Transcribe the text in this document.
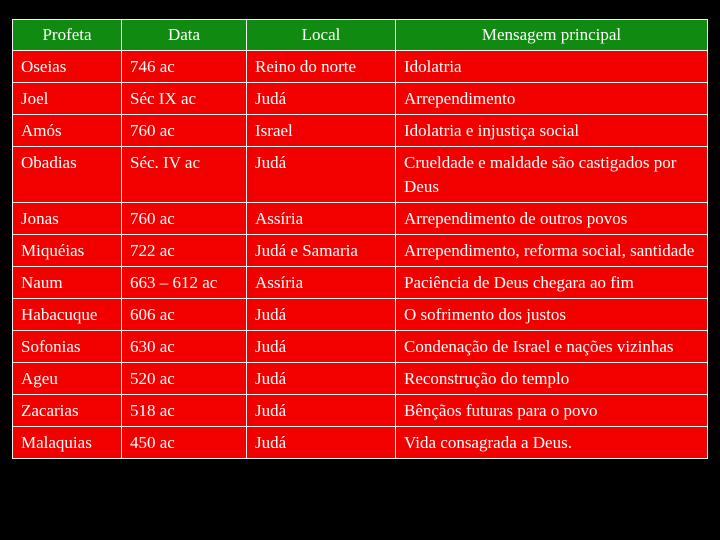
Profeta	Data	Local	Mensagem principal
Oseias	746 ac	Reino do norte	Idolatria
Joel	Séc IX ac	Judá	Arrependimento
Amós	760 ac	Israel	Idolatria e injustiça social
Obadias	Séc. IV ac	Judá	Crueldade e maldade são castigados por Deus
Jonas	760 ac	Assíria	Arrependimento de outros povos
Miquéias	722 ac	Judá e Samaria	Arrependimento, reforma social, santidade
Naum	663 – 612 ac	Assíria	Paciência de Deus chegara ao fim
Habacuque	606 ac	Judá	O sofrimento dos justos
Sofonias	630 ac	Judá	Condenação de Israel e nações vizinhas
Ageu	520 ac	Judá	Reconstrução do templo
Zacarias	518 ac	Judá	Bênçãos futuras para o povo
Malaquias	450 ac	Judá	Vida consagrada a Deus.
